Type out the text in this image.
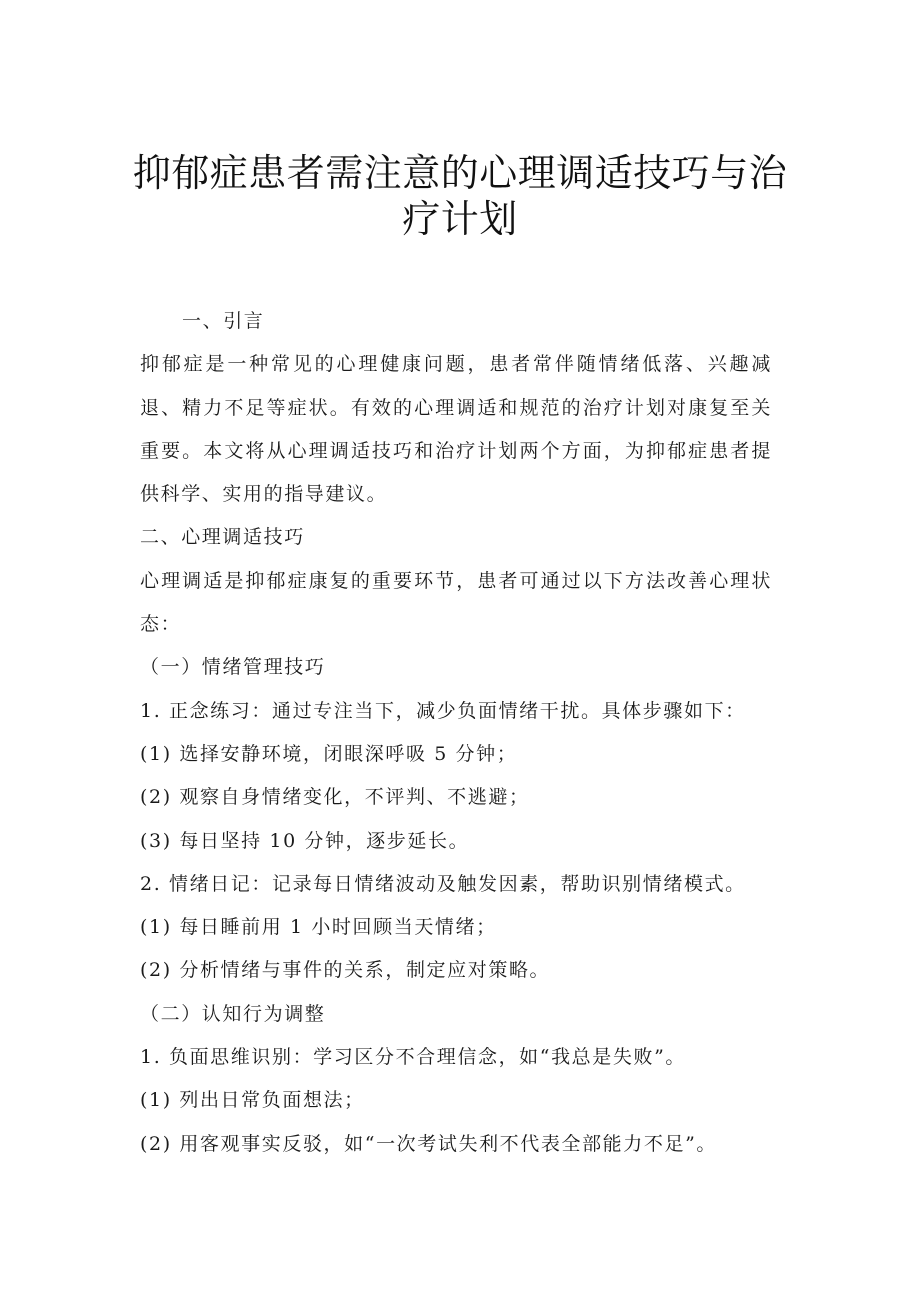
抑郁症患者需注意的心理调适技巧与治疗计划

一、引言

抑郁症是一种常见的心理健康问题，患者常伴随情绪低落、兴趣减退、精力不足等症状。有效的心理调适和规范的治疗计划对康复至关重要。本文将从心理调适技巧和治疗计划两个方面，为抑郁症患者提供科学、实用的指导建议。

二、心理调适技巧

心理调适是抑郁症康复的重要环节，患者可通过以下方法改善心理状态：

（一）情绪管理技巧

1. 正念练习：通过专注当下，减少负面情绪干扰。具体步骤如下：

(1) 选择安静环境，闭眼深呼吸 5 分钟；

(2) 观察自身情绪变化，不评判、不逃避；

(3) 每日坚持 10 分钟，逐步延长。

2. 情绪日记：记录每日情绪波动及触发因素，帮助识别情绪模式。

(1) 每日睡前用 1 小时回顾当天情绪；

(2) 分析情绪与事件的关系，制定应对策略。

（二）认知行为调整

1. 负面思维识别：学习区分不合理信念，如“我总是失败”。

(1) 列出日常负面想法；

(2) 用客观事实反驳，如“一次考试失利不代表全部能力不足”。
